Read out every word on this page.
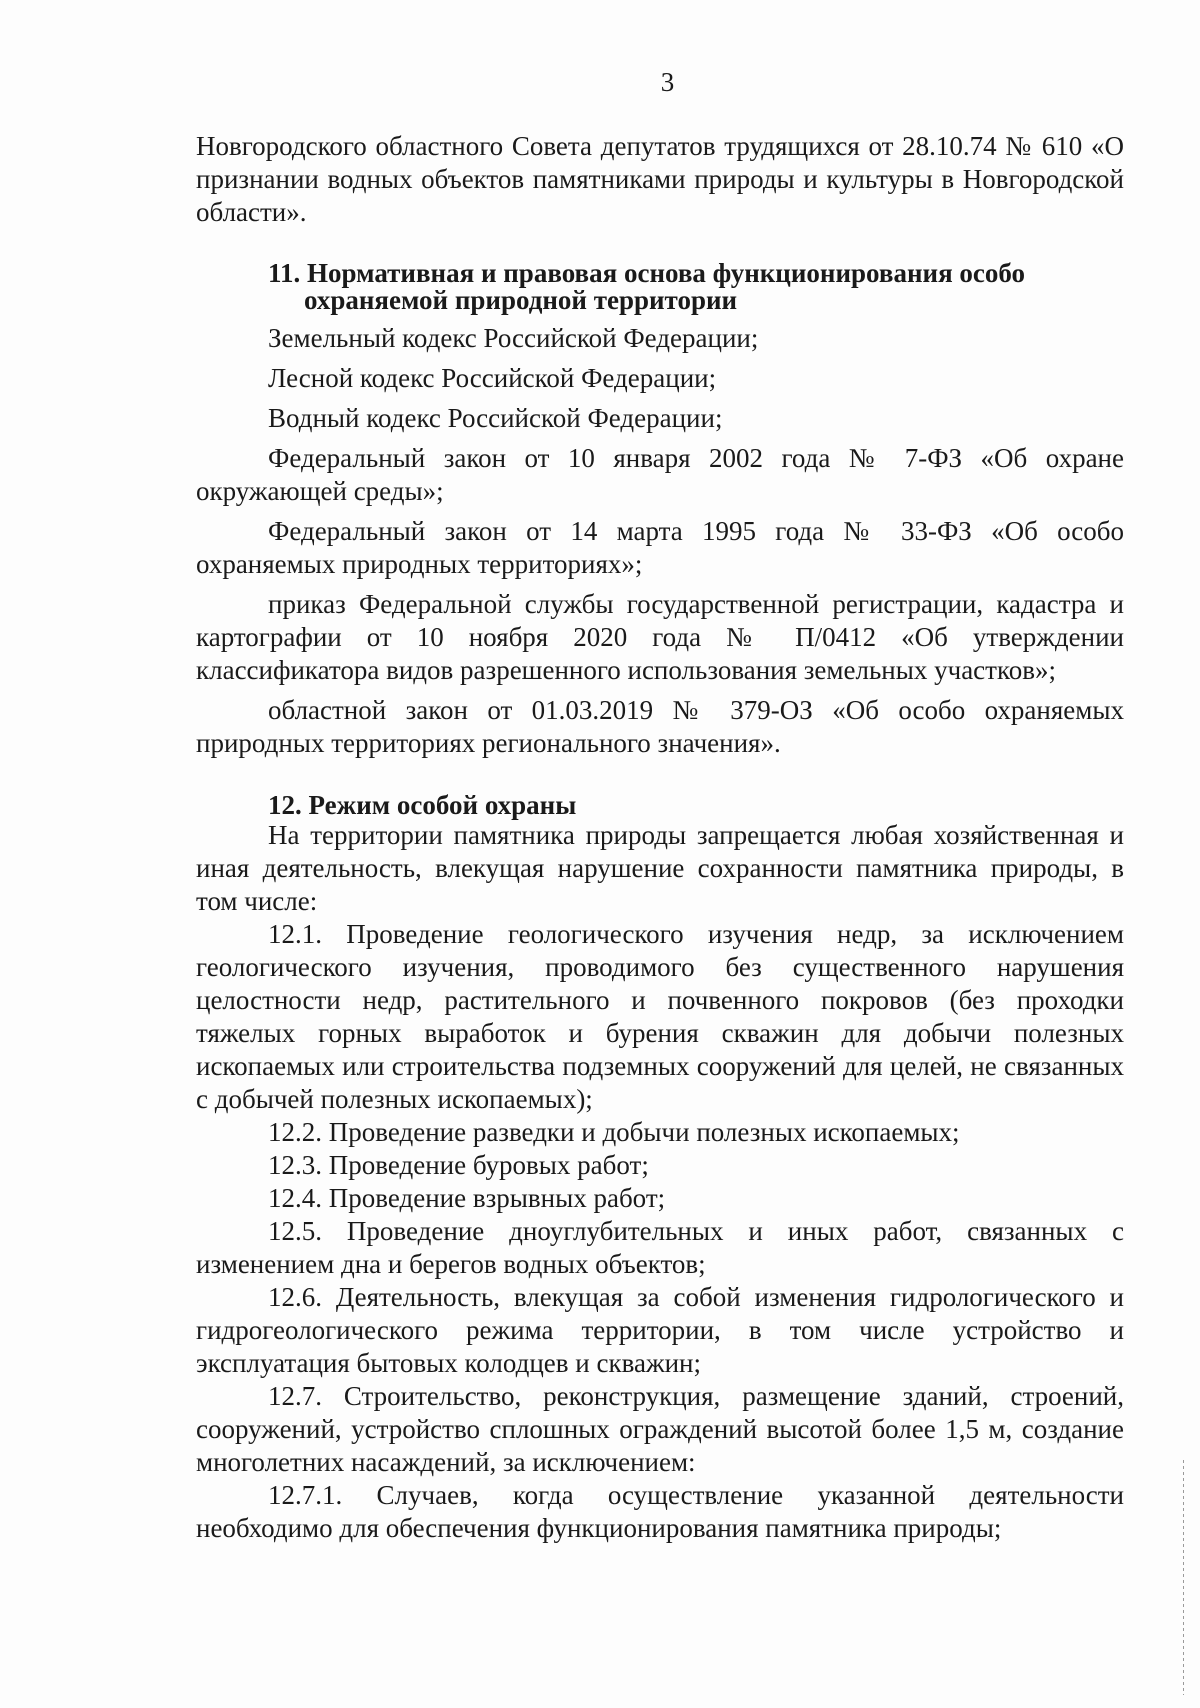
3

Новгородского областного Совета депутатов трудящихся от 28.10.74 № 610 «О признании водных объектов памятниками природы и культуры в Новгородской области».

11. Нормативная и правовая основа функционирования особо
охраняемой природной территории

Земельный кодекс Российской Федерации;

Лесной кодекс Российской Федерации;

Водный кодекс Российской Федерации;

Федеральный закон от 10 января 2002 года № 7-ФЗ «Об охране окружающей среды»;

Федеральный закон от 14 марта 1995 года № 33-ФЗ «Об особо охраняемых природных территориях»;

приказ Федеральной службы государственной регистрации, кадастра и картографии от 10 ноября 2020 года № П/0412 «Об утверждении классификатора видов разрешенного использования земельных участков»;

областной закон от 01.03.2019 № 379-ОЗ «Об особо охраняемых природных территориях регионального значения».

12. Режим особой охраны

На территории памятника природы запрещается любая хозяйственная и иная деятельность, влекущая нарушение сохранности памятника природы, в том числе:

12.1. Проведение геологического изучения недр, за исключением геологического изучения, проводимого без существенного нарушения целостности недр, растительного и почвенного покровов (без проходки тяжелых горных выработок и бурения скважин для добычи полезных ископаемых или строительства подземных сооружений для целей, не связанных с добычей полезных ископаемых);

12.2. Проведение разведки и добычи полезных ископаемых;

12.3. Проведение буровых работ;

12.4. Проведение взрывных работ;

12.5. Проведение дноуглубительных и иных работ, связанных с изменением дна и берегов водных объектов;

12.6. Деятельность, влекущая за собой изменения гидрологического и гидрогеологического режима территории, в том числе устройство и эксплуатация бытовых колодцев и скважин;

12.7. Строительство, реконструкция, размещение зданий, строений, сооружений, устройство сплошных ограждений высотой более 1,5 м, создание многолетних насаждений, за исключением:

12.7.1. Случаев, когда осуществление указанной деятельности необходимо для обеспечения функционирования памятника природы;
